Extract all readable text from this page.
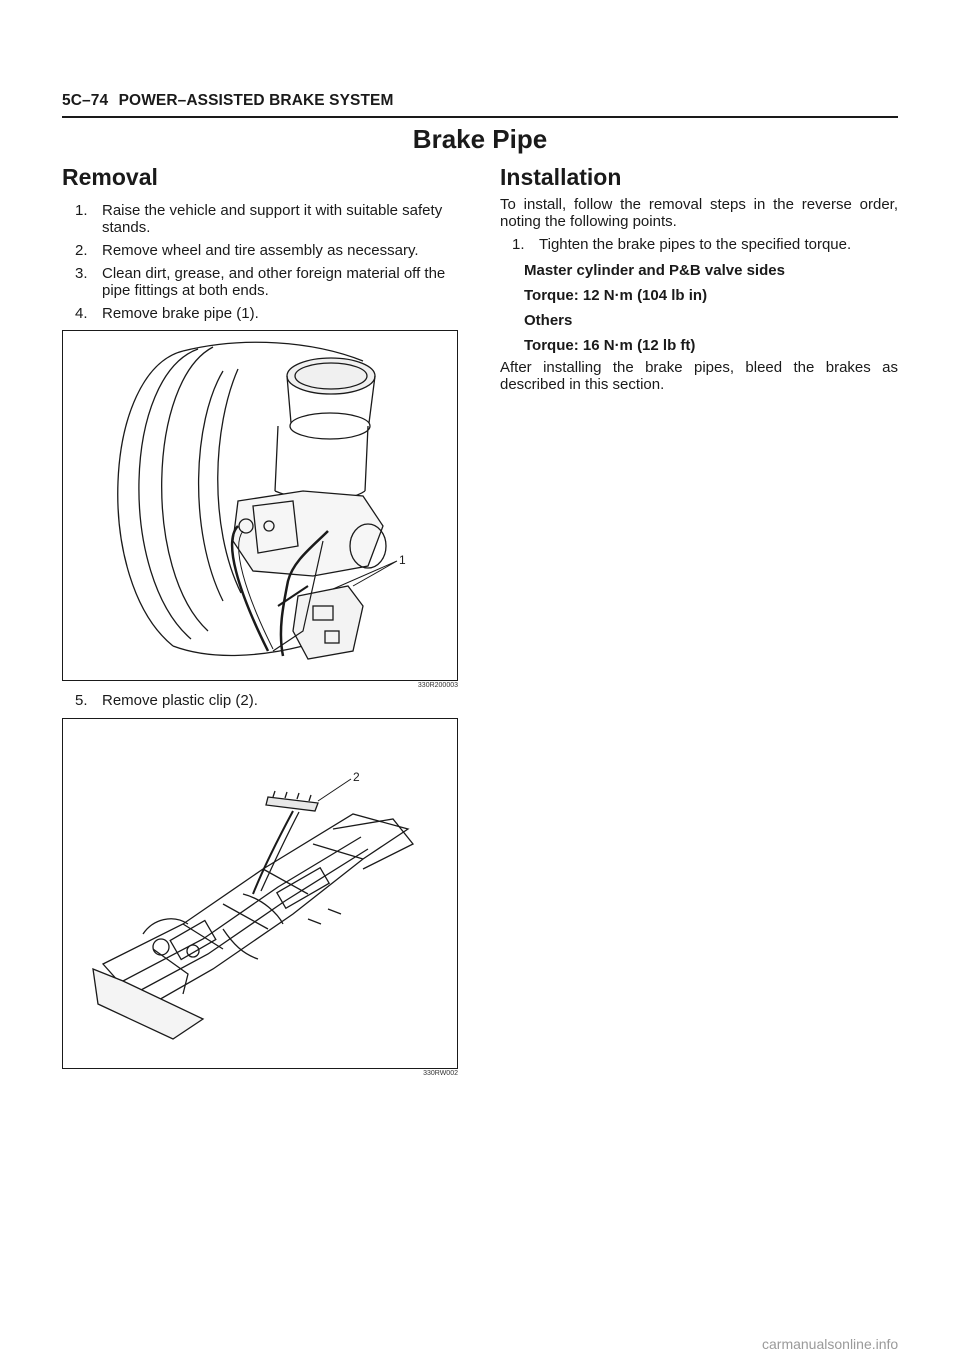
5C–74 POWER–ASSISTED BRAKE SYSTEM
Brake Pipe
Removal
1. Raise the vehicle and support it with suitable safety stands.
2. Remove wheel and tire assembly as necessary.
3. Clean dirt, grease, and other foreign material off the pipe fittings at both ends.
4. Remove brake pipe (1).
1
330R200003
5. Remove plastic clip (2).
2
330RW002
Installation
To install, follow the removal steps in the reverse order, noting the following points.
1. Tighten the brake pipes to the specified torque.
Master cylinder and P&B valve sides
Torque: 12 N·m (104 lb in)
Others
Torque: 16 N·m (12 lb ft)
After installing the brake pipes, bleed the brakes as described in this section.
carmanualsonline.info
